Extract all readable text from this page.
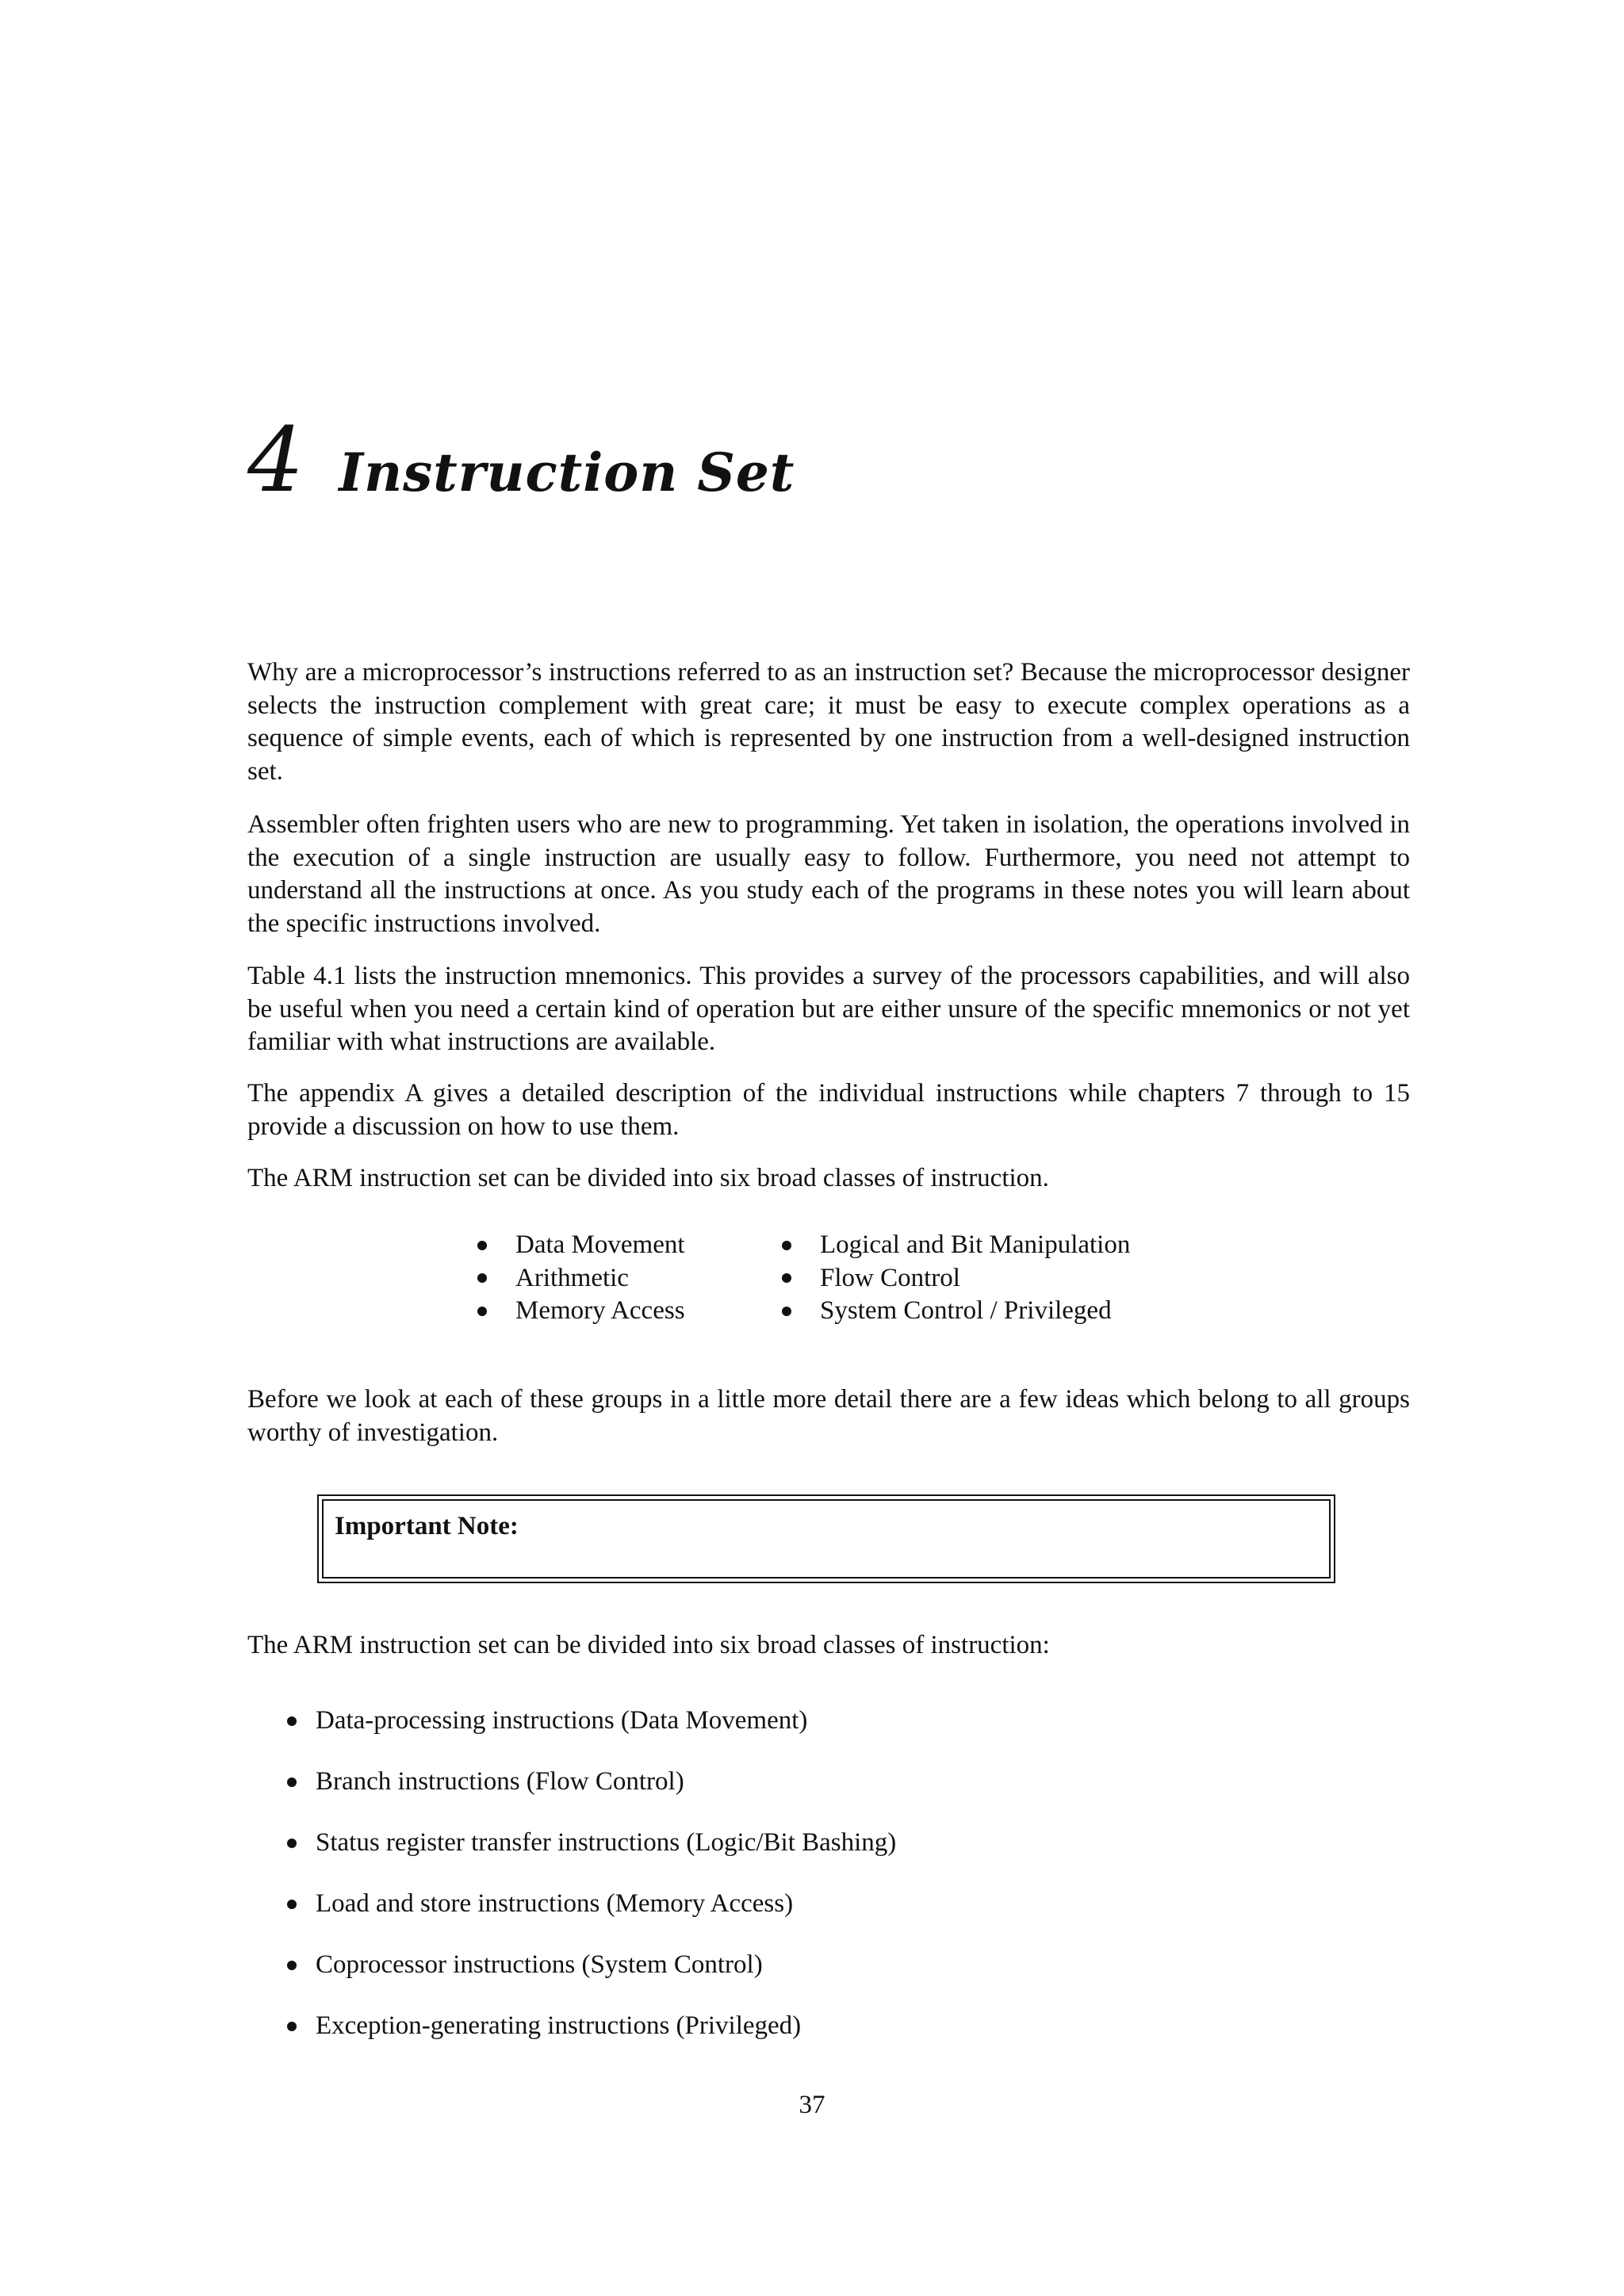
4 Instruction Set

Why are a microprocessor’s instructions referred to as an instruction set? Because the microprocessor designer selects the instruction complement with great care; it must be easy to execute complex operations as a sequence of simple events, each of which is represented by one instruction from a well-designed instruction set.

Assembler often frighten users who are new to programming. Yet taken in isolation, the operations involved in the execution of a single instruction are usually easy to follow. Furthermore, you need not attempt to understand all the instructions at once. As you study each of the programs in these notes you will learn about the specific instructions involved.

Table 4.1 lists the instruction mnemonics. This provides a survey of the processors capabilities, and will also be useful when you need a certain kind of operation but are either unsure of the specific mnemonics or not yet familiar with what instructions are available.

The appendix A gives a detailed description of the individual instructions while chapters 7 through to 15 provide a discussion on how to use them.

The ARM instruction set can be divided into six broad classes of instruction.

Data Movement
Arithmetic
Memory Access
Logical and Bit Manipulation
Flow Control
System Control / Privileged

Before we look at each of these groups in a little more detail there are a few ideas which belong to all groups worthy of investigation.

Important Note:

The ARM instruction set can be divided into six broad classes of instruction:

Data-processing instructions (Data Movement)
Branch instructions (Flow Control)
Status register transfer instructions (Logic/Bit Bashing)
Load and store instructions (Memory Access)
Coprocessor instructions (System Control)
Exception-generating instructions (Privileged)
37
